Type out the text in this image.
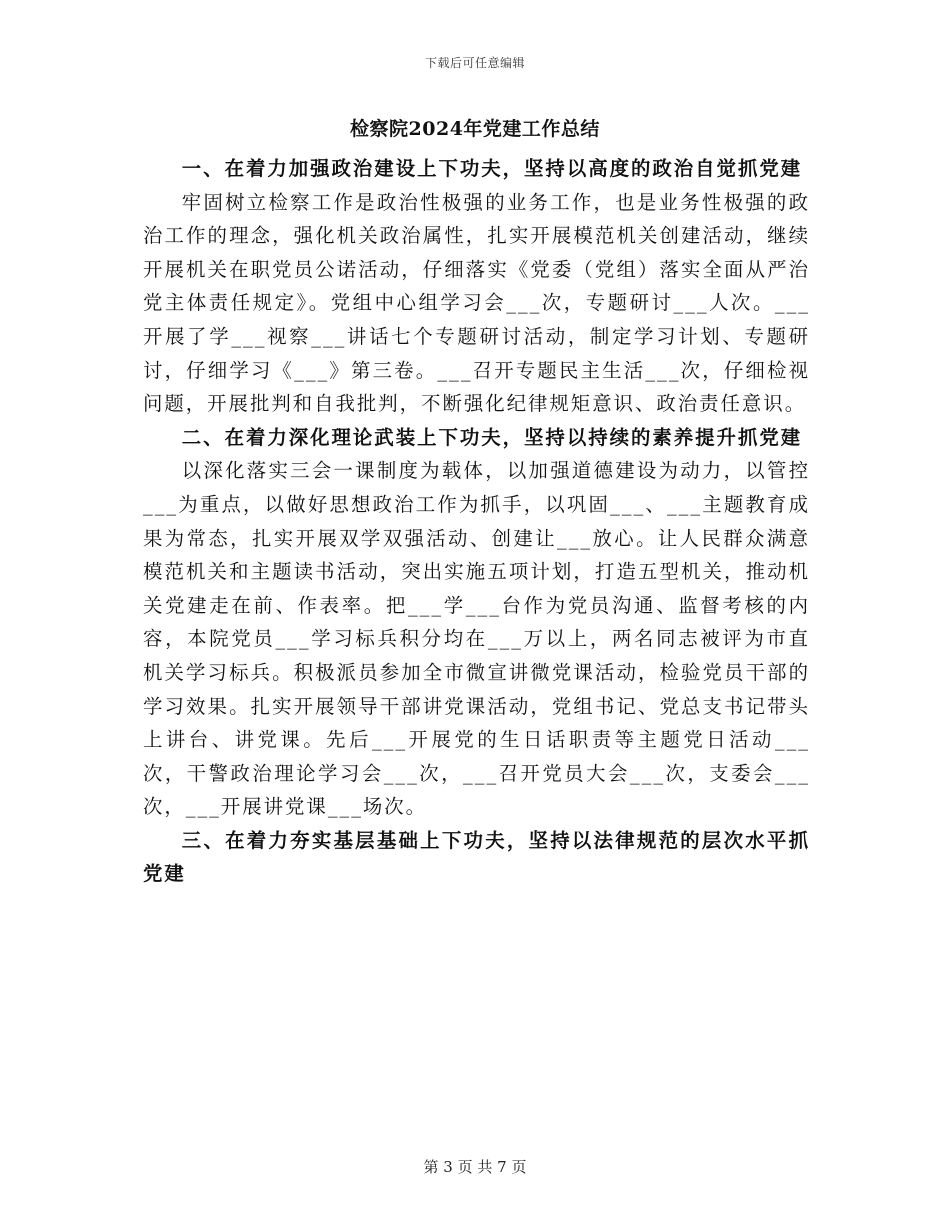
下载后可任意编辑
检察院2024年党建工作总结

一、在着力加强政治建设上下功夫，坚持以高度的政治自觉抓党建

牢固树立检察工作是政治性极强的业务工作，也是业务性极强的政治工作的理念，强化机关政治属性，扎实开展模范机关创建活动，继续开展机关在职党员公诺活动，仔细落实《党委（党组）落实全面从严治党主体责任规定》。党组中心组学习会___次，专题研讨___人次。___开展了学___视察___讲话七个专题研讨活动，制定学习计划、专题研讨，仔细学习《___》第三卷。___召开专题民主生活___次，仔细检视问题，开展批判和自我批判，不断强化纪律规矩意识、政治责任意识。

二、在着力深化理论武装上下功夫，坚持以持续的素养提升抓党建

以深化落实三会一课制度为载体，以加强道德建设为动力，以管控___为重点，以做好思想政治工作为抓手，以巩固___、___主题教育成果为常态，扎实开展双学双强活动、创建让___放心。让人民群众满意模范机关和主题读书活动，突出实施五项计划，打造五型机关，推动机关党建走在前、作表率。把___学___台作为党员沟通、监督考核的内容，本院党员___学习标兵积分均在___万以上，两名同志被评为市直机关学习标兵。积极派员参加全市微宣讲微党课活动，检验党员干部的学习效果。扎实开展领导干部讲党课活动，党组书记、党总支书记带头上讲台、讲党课。先后___开展党的生日话职责等主题党日活动___次，干警政治理论学习会___次，___召开党员大会___次，支委会___次，___开展讲党课___场次。

三、在着力夯实基层基础上下功夫，坚持以法律规范的层次水平抓党建

第 3 页 共 7 页
